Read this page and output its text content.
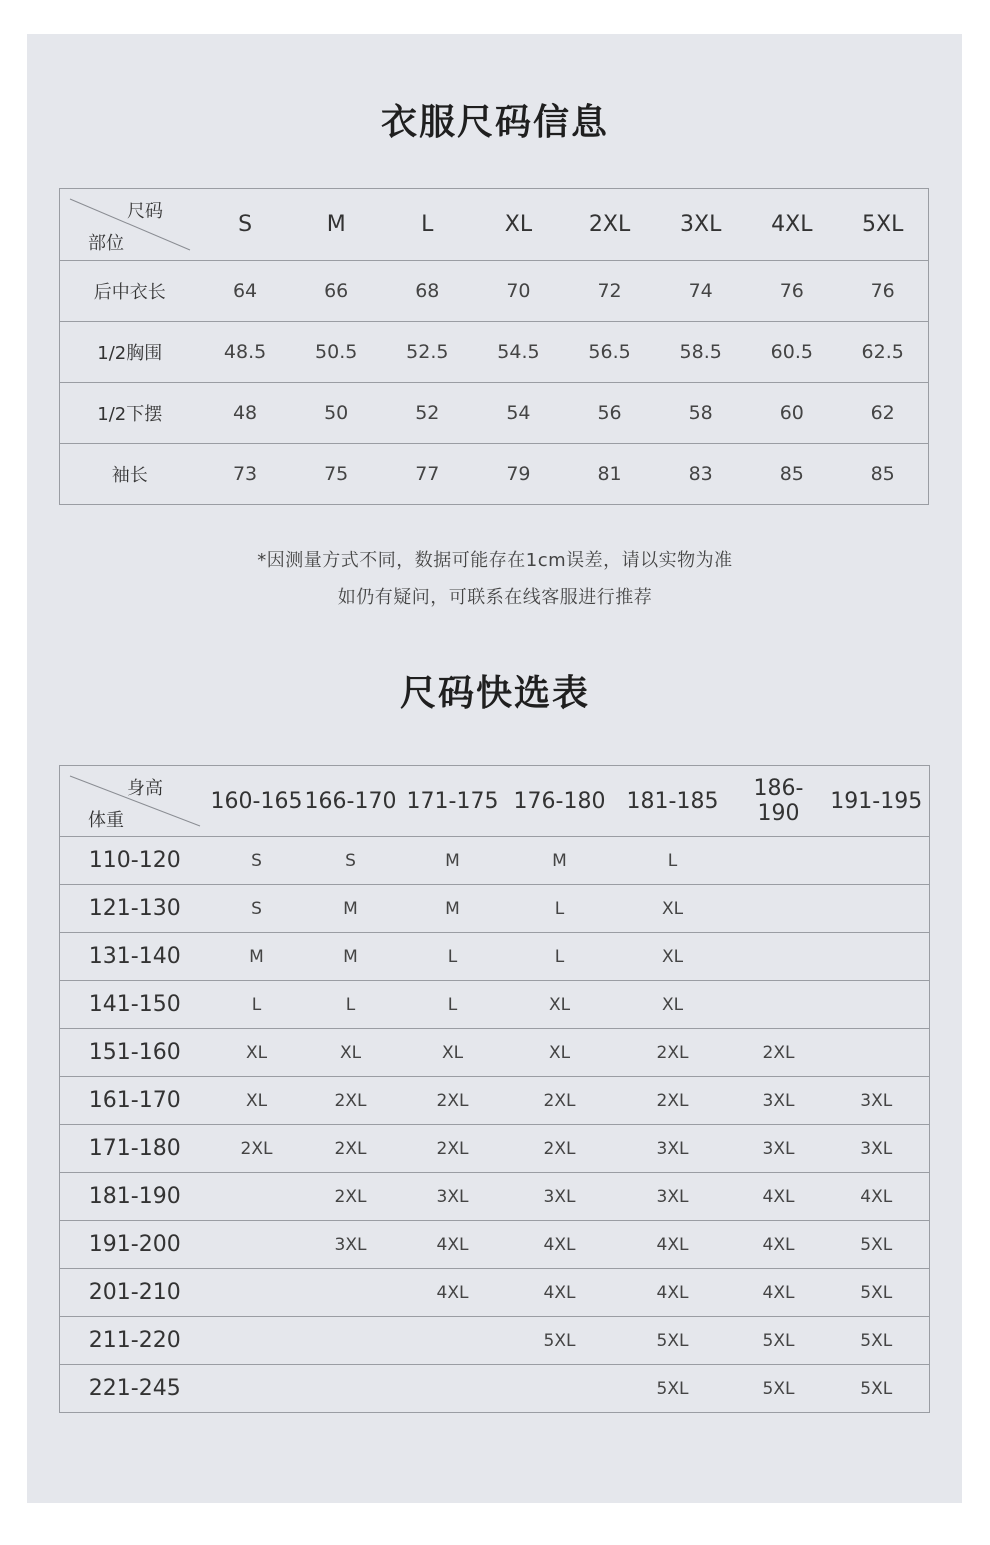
衣服尺码信息
尺码
部位	S	M	L	XL	2XL	3XL	4XL	5XL
后中衣长	64	66	68	70	72	74	76	76
1/2胸围	48.5	50.5	52.5	54.5	56.5	58.5	60.5	62.5
1/2下摆	48	50	52	54	56	58	60	62
袖长	73	75	77	79	81	83	85	85
*因测量方式不同，数据可能存在1cm误差，请以实物为准
如仍有疑问，可联系在线客服进行推荐
尺码快选表
身高
体重	160-165	166-170	171-175	176-180	181-185	186-190	191-195
110-120	S	S	M	M	L		
121-130	S	M	M	L	XL		
131-140	M	M	L	L	XL		
141-150	L	L	L	XL	XL		
151-160	XL	XL	XL	XL	2XL	2XL	
161-170	XL	2XL	2XL	2XL	2XL	3XL	3XL
171-180	2XL	2XL	2XL	2XL	3XL	3XL	3XL
181-190		2XL	3XL	3XL	3XL	4XL	4XL
191-200		3XL	4XL	4XL	4XL	4XL	5XL
201-210			4XL	4XL	4XL	4XL	5XL
211-220				5XL	5XL	5XL	5XL
221-245					5XL	5XL	5XL
